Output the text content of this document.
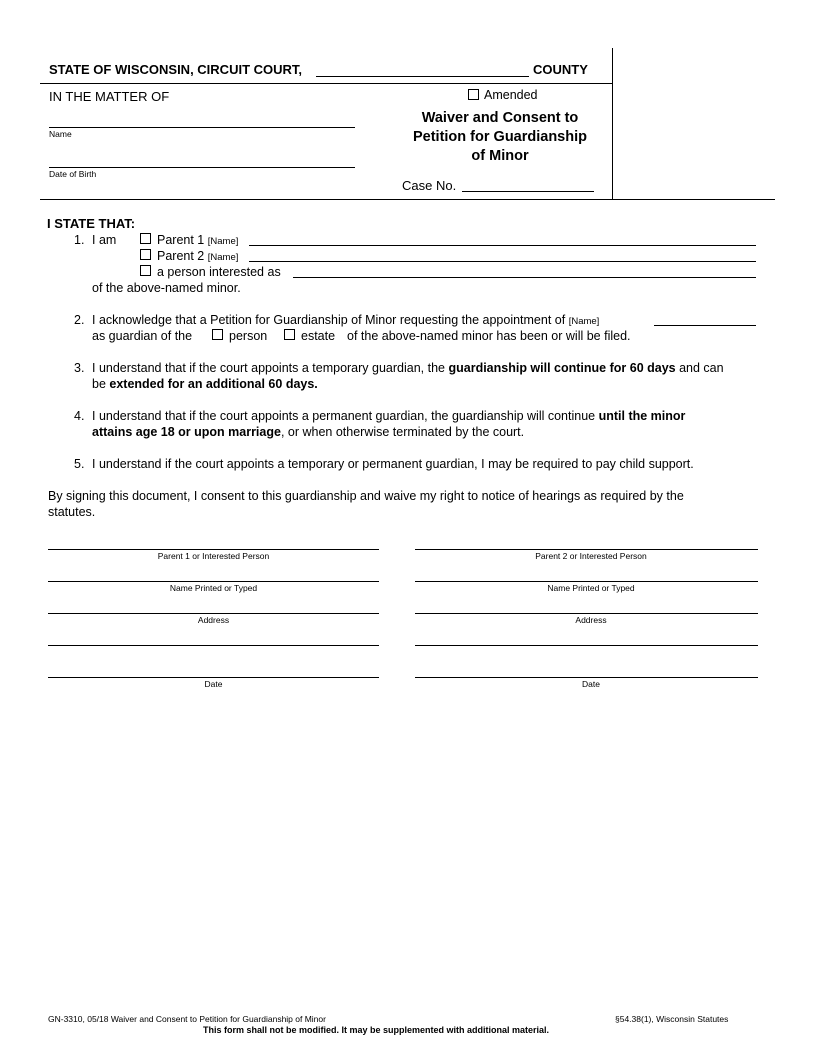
STATE OF WISCONSIN, CIRCUIT COURT,	COUNTY
IN THE MATTER OF
Name
Date of Birth
Amended
Waiver and Consent to
Petition for Guardianship
of Minor
Case No.
I STATE THAT:
1. I am	Parent 1 [Name]
Parent 2 [Name]
a person interested as
of the above-named minor.
2. I acknowledge that a Petition for Guardianship of Minor requesting the appointment of [Name]
as guardian of the	person	estate of the above-named minor has been or will be filed.
3. I understand that if the court appoints a temporary guardian, the guardianship will continue for 60 days and can
be extended for an additional 60 days.
4. I understand that if the court appoints a permanent guardian, the guardianship will continue until the minor
attains age 18 or upon marriage, or when otherwise terminated by the court.
5. I understand if the court appoints a temporary or permanent guardian, I may be required to pay child support.
By signing this document, I consent to this guardianship and waive my right to notice of hearings as required by the
statutes.
Parent 1 or Interested Person
Name Printed or Typed
Address
Date
Parent 2 or Interested Person
Name Printed or Typed
Address
Date
GN-3310, 05/18 Waiver and Consent to Petition for Guardianship of Minor	§54.38(1), Wisconsin Statutes
This form shall not be modified. It may be supplemented with additional material.
